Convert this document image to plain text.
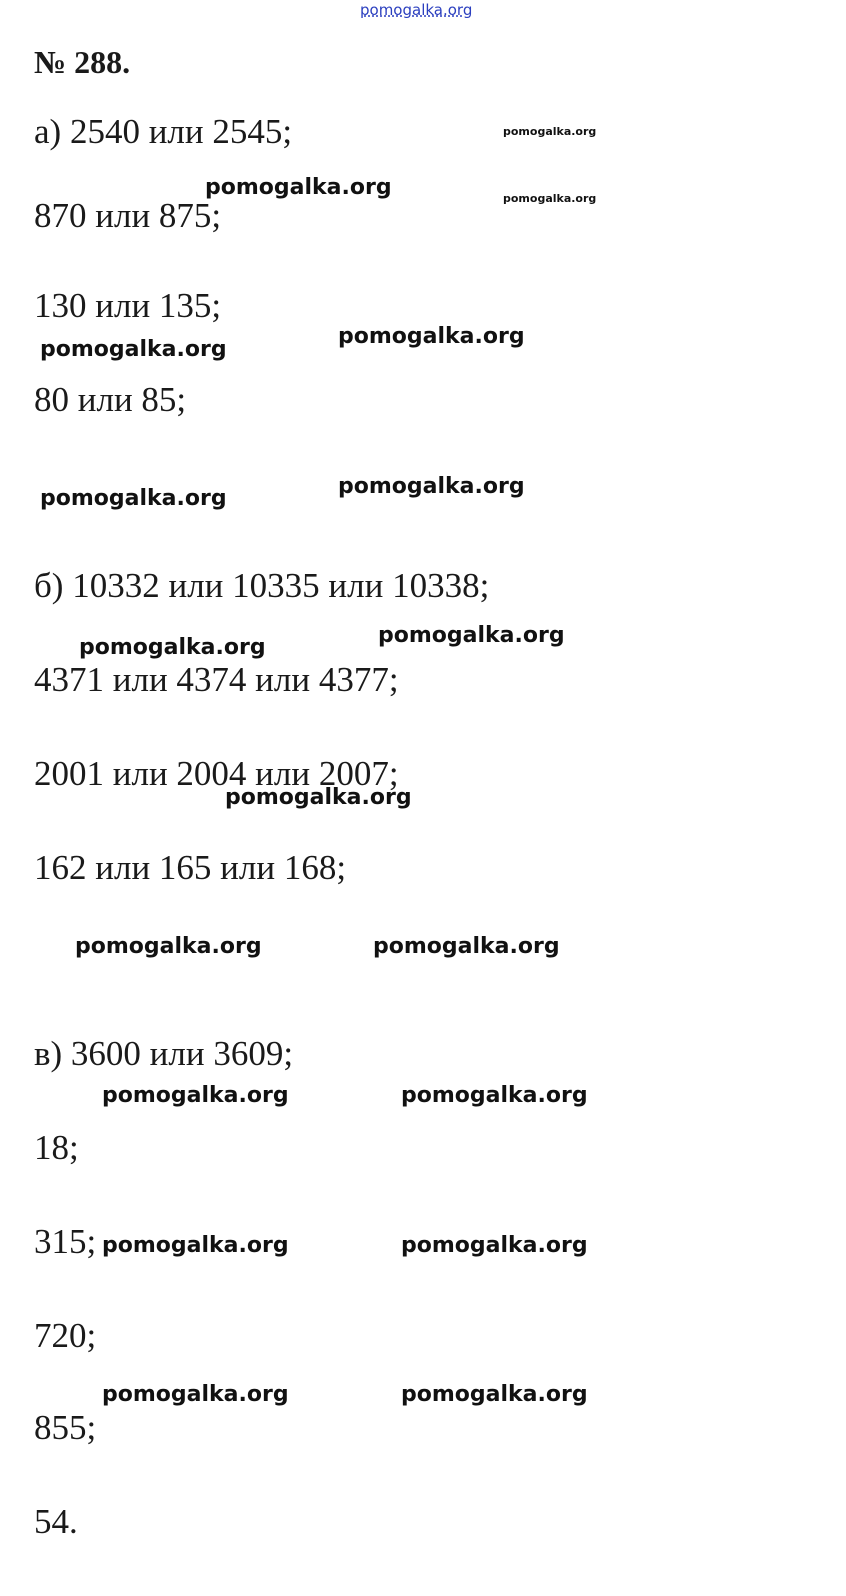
pomogalka.org
№ 288.
а) 2540 или 2545;
870 или 875;
130 или 135;
80 или 85;
б) 10332 или 10335 или 10338;
4371 или 4374 или 4377;
2001 или 2004 или 2007;
162 или 165 или 168;
в) 3600 или 3609;
18;
315;
720;
855;
54.
pomogalka.org
pomogalka.org
pomogalka.org
pomogalka.org
pomogalka.org
pomogalka.org
pomogalka.org
pomogalka.org
pomogalka.org
pomogalka.org
pomogalka.org	pomogalka.org
pomogalka.org	pomogalka.org
pomogalka.org	pomogalka.org
pomogalka.org	pomogalka.org
